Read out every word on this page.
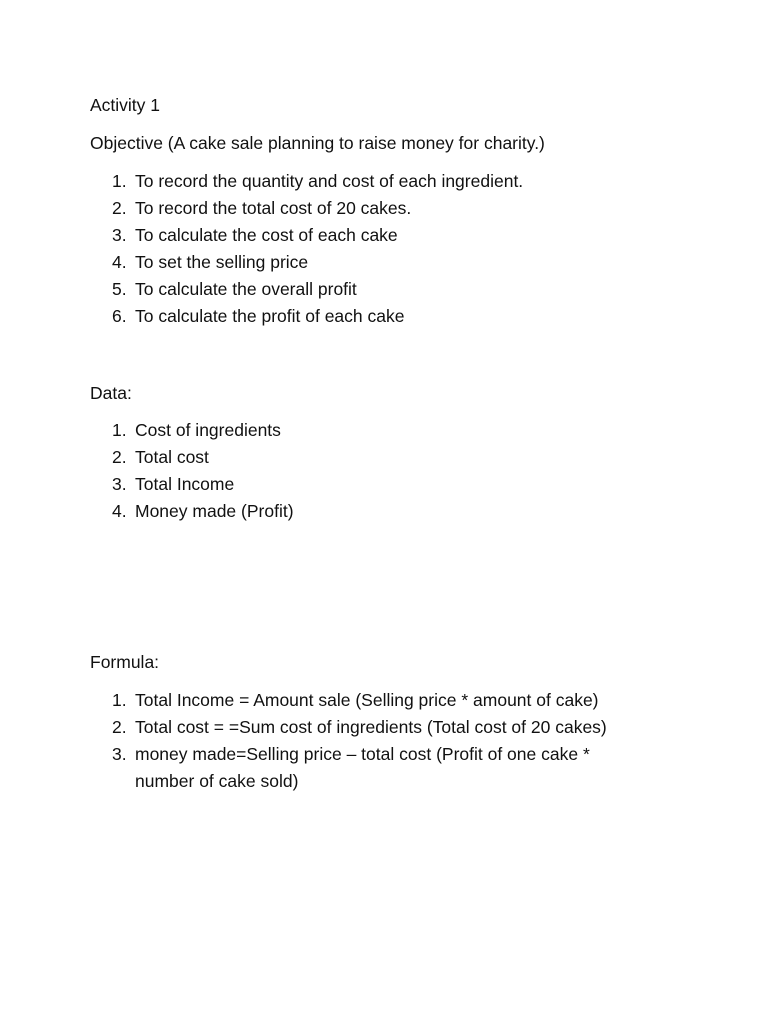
Activity 1

Objective (A cake sale planning to raise money for charity.)

1. To record the quantity and cost of each ingredient.
2. To record the total cost of 20 cakes.
3. To calculate the cost of each cake
4. To set the selling price
5. To calculate the overall profit
6. To calculate the profit of each cake

Data:

1. Cost of ingredients
2. Total cost
3. Total Income
4. Money made (Profit)

Formula:

1. Total Income = Amount sale (Selling price * amount of cake)
2. Total cost = =Sum cost of ingredients (Total cost of 20 cakes)
3. money made=Selling price – total cost (Profit of one cake * number of cake sold)
